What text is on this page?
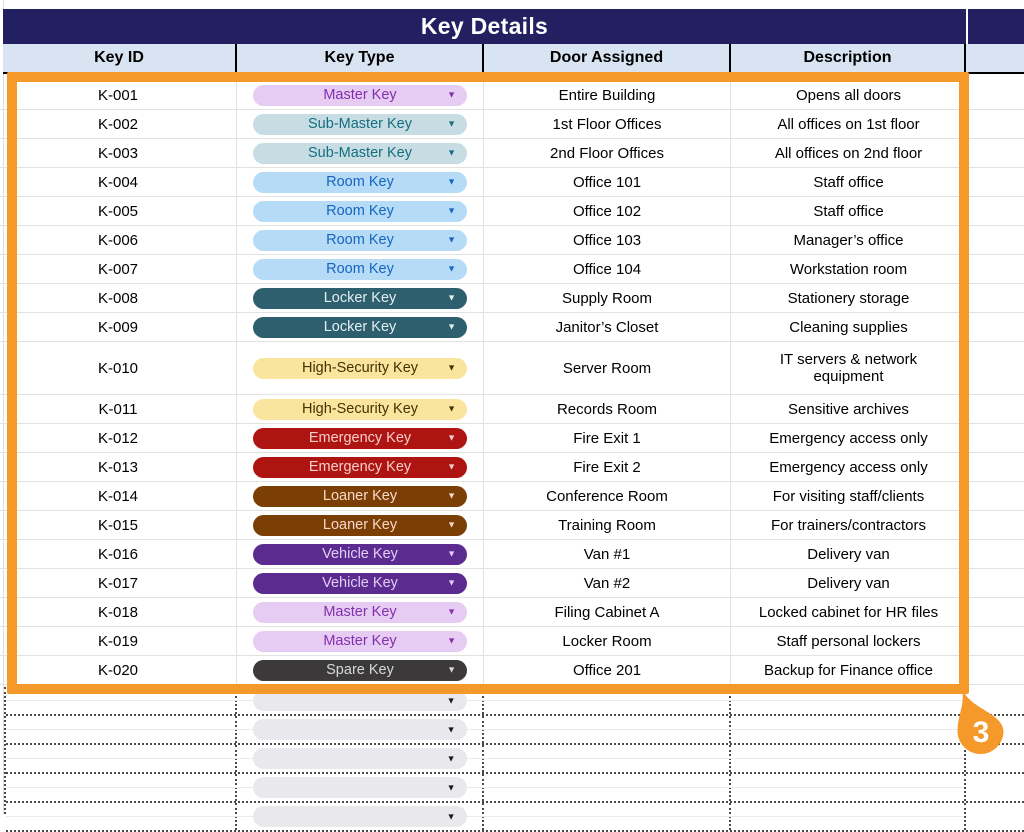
Key Details
Key ID	Key Type	Door Assigned	Description
K-001	Master Key	▼	Entire Building	Opens all doors
K-002	Sub-Master Key	▼	1st Floor Offices	All offices on 1st floor
K-003	Sub-Master Key	▼	2nd Floor Offices	All offices on 2nd floor
K-004	Room Key	▼	Office 101	Staff office
K-005	Room Key	▼	Office 102	Staff office
K-006	Room Key	▼	Office 103	Manager’s office
K-007	Room Key	▼	Office 104	Workstation room
K-008	Locker Key	▼	Supply Room	Stationery storage
K-009	Locker Key	▼	Janitor’s Closet	Cleaning supplies
K-010	High-Security Key	▼	Server Room	IT servers & network equipment
K-011	High-Security Key	▼	Records Room	Sensitive archives
K-012	Emergency Key	▼	Fire Exit 1	Emergency access only
K-013	Emergency Key	▼	Fire Exit 2	Emergency access only
K-014	Loaner Key	▼	Conference Room	For visiting staff/clients
K-015	Loaner Key	▼	Training Room	For trainers/contractors
K-016	Vehicle Key	▼	Van #1	Delivery van
K-017	Vehicle Key	▼	Van #2	Delivery van
K-018	Master Key	▼	Filing Cabinet A	Locked cabinet for HR files
K-019	Master Key	▼	Locker Room	Staff personal lockers
K-020	Spare Key	▼	Office 201	Backup for Finance office
▼
▼
▼
▼
▼
3
